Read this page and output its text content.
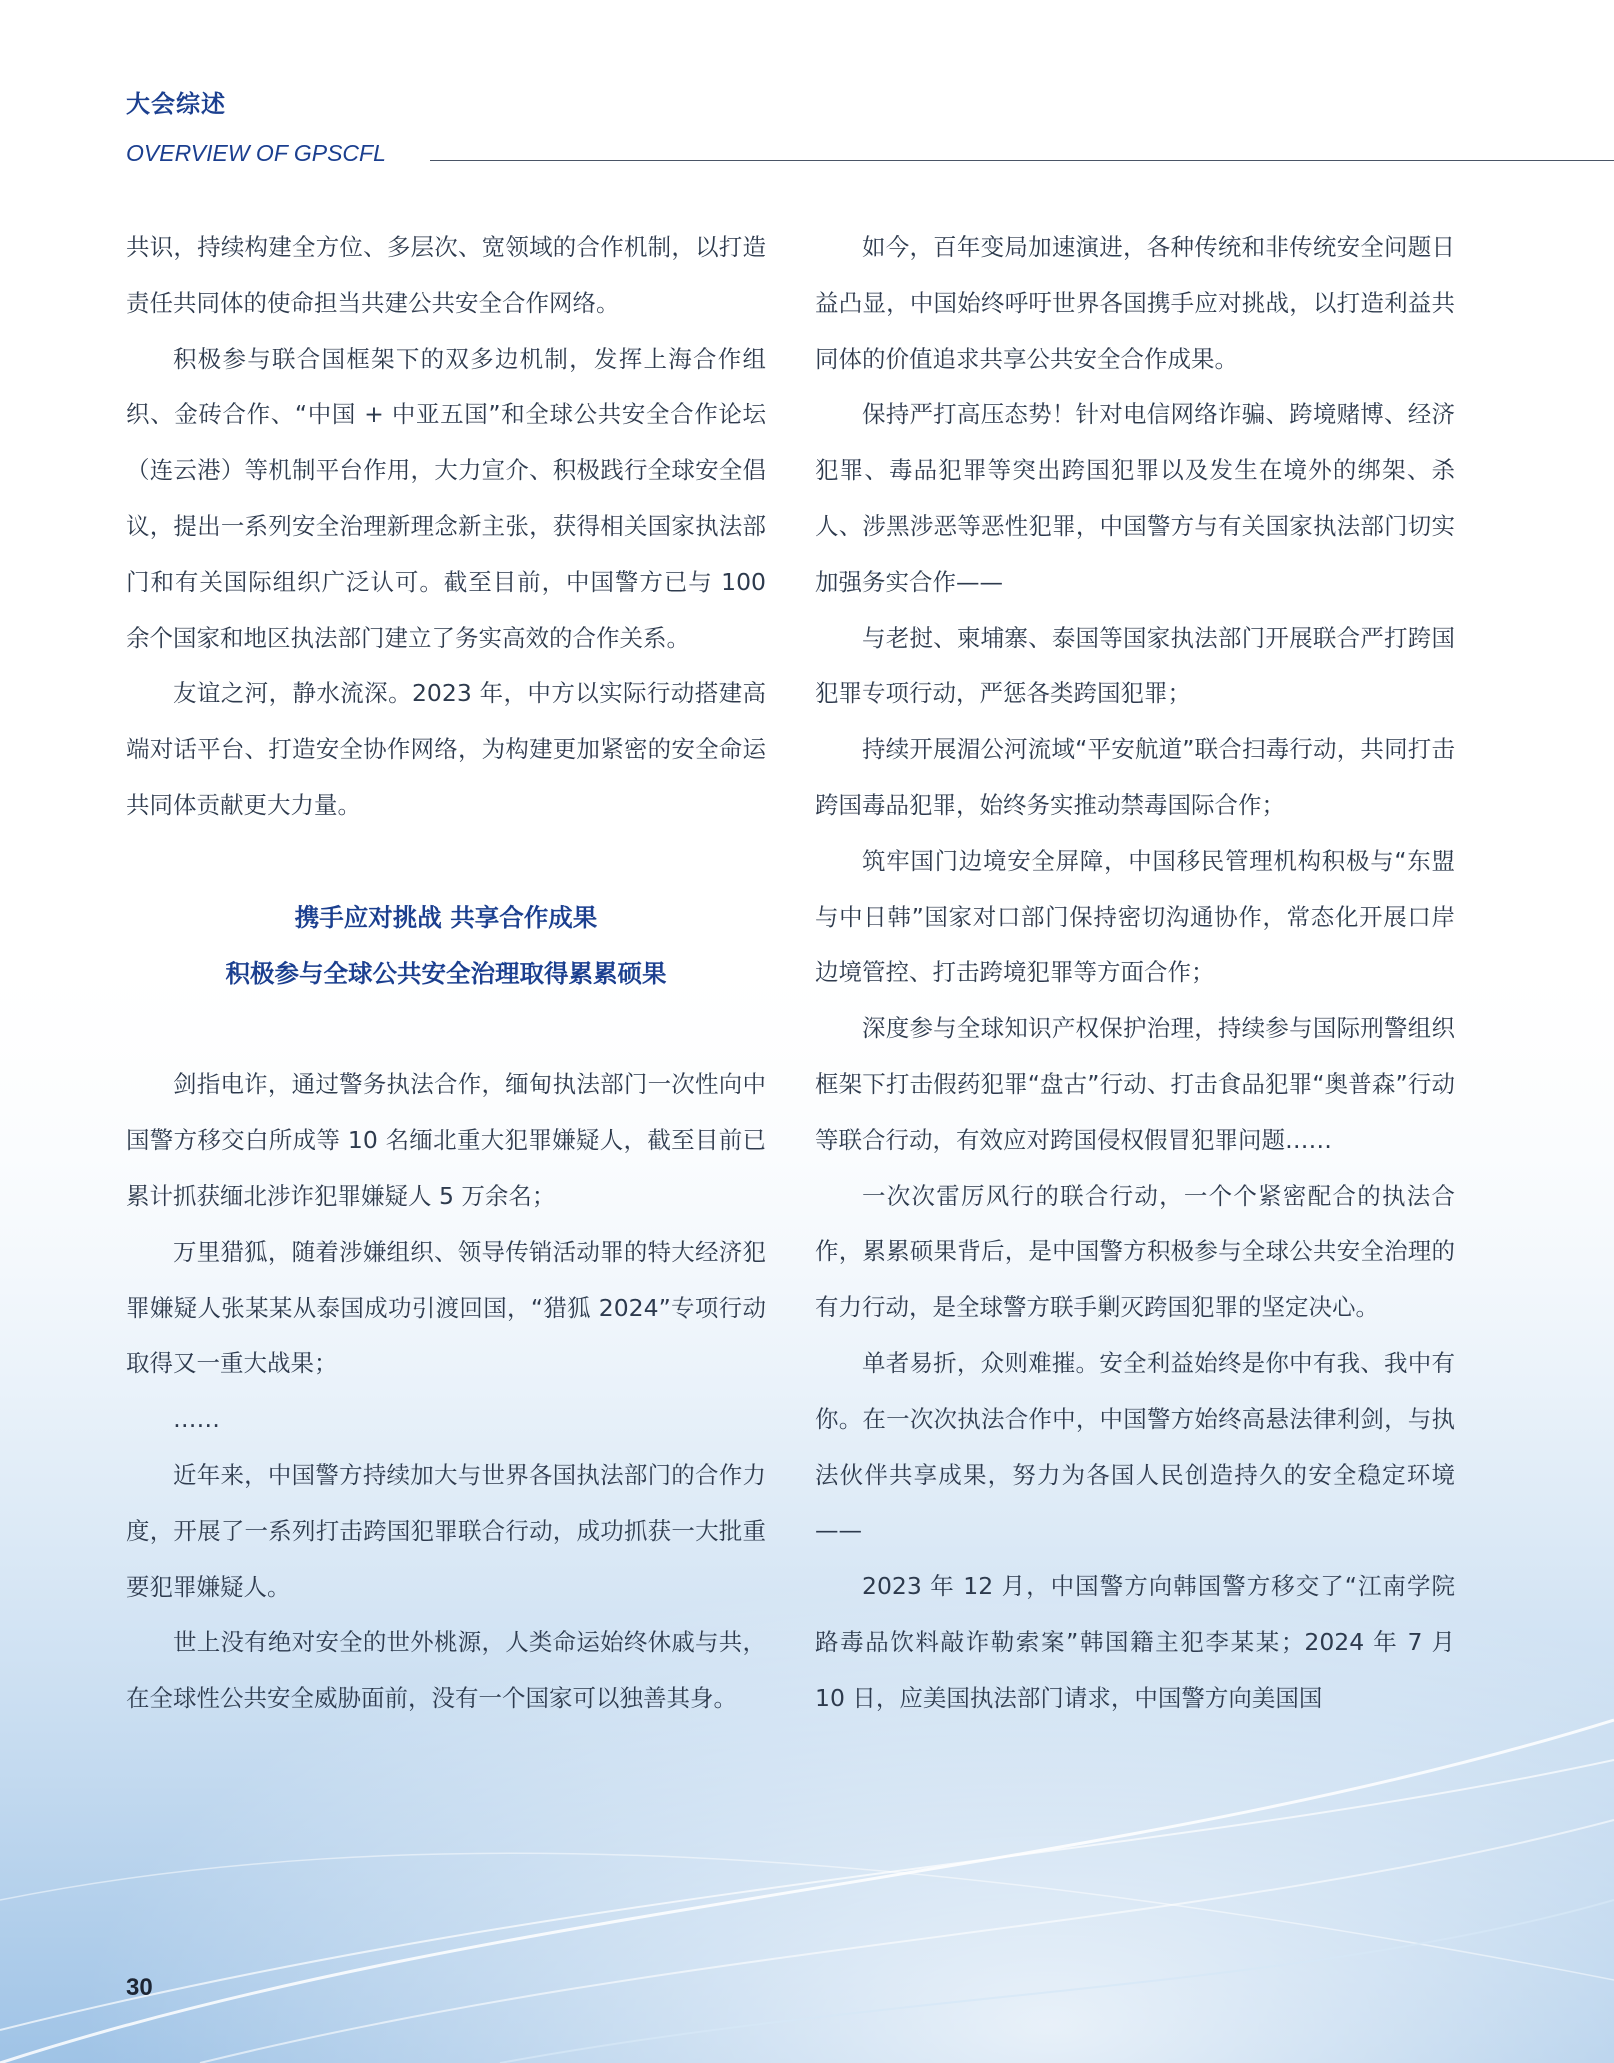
大会综述
OVERVIEW OF GPSCFL

共识，持续构建全方位、多层次、宽领域的合作机制，以打造责任共同体的使命担当共建公共安全合作网络。

积极参与联合国框架下的双多边机制，发挥上海合作组织、金砖合作、“中国 + 中亚五国”和全球公共安全合作论坛（连云港）等机制平台作用，大力宣介、积极践行全球安全倡议，提出一系列安全治理新理念新主张，获得相关国家执法部门和有关国际组织广泛认可。截至目前，中国警方已与 100 余个国家和地区执法部门建立了务实高效的合作关系。

友谊之河，静水流深。2023 年，中方以实际行动搭建高端对话平台、打造安全协作网络，为构建更加紧密的安全命运共同体贡献更大力量。

携手应对挑战 共享合作成果

积极参与全球公共安全治理取得累累硕果

剑指电诈，通过警务执法合作，缅甸执法部门一次性向中国警方移交白所成等 10 名缅北重大犯罪嫌疑人，截至目前已累计抓获缅北涉诈犯罪嫌疑人 5 万余名；

万里猎狐，随着涉嫌组织、领导传销活动罪的特大经济犯罪嫌疑人张某某从泰国成功引渡回国，“猎狐 2024”专项行动取得又一重大战果；

……

近年来，中国警方持续加大与世界各国执法部门的合作力度，开展了一系列打击跨国犯罪联合行动，成功抓获一大批重要犯罪嫌疑人。

世上没有绝对安全的世外桃源，人类命运始终休戚与共，在全球性公共安全威胁面前，没有一个国家可以独善其身。

如今，百年变局加速演进，各种传统和非传统安全问题日益凸显，中国始终呼吁世界各国携手应对挑战，以打造利益共同体的价值追求共享公共安全合作成果。

保持严打高压态势！针对电信网络诈骗、跨境赌博、经济犯罪、毒品犯罪等突出跨国犯罪以及发生在境外的绑架、杀人、涉黑涉恶等恶性犯罪，中国警方与有关国家执法部门切实加强务实合作——

与老挝、柬埔寨、泰国等国家执法部门开展联合严打跨国犯罪专项行动，严惩各类跨国犯罪；

持续开展湄公河流域“平安航道”联合扫毒行动，共同打击跨国毒品犯罪，始终务实推动禁毒国际合作；

筑牢国门边境安全屏障，中国移民管理机构积极与“东盟与中日韩”国家对口部门保持密切沟通协作，常态化开展口岸边境管控、打击跨境犯罪等方面合作；

深度参与全球知识产权保护治理，持续参与国际刑警组织框架下打击假药犯罪“盘古”行动、打击食品犯罪“奥普森”行动等联合行动，有效应对跨国侵权假冒犯罪问题……

一次次雷厉风行的联合行动，一个个紧密配合的执法合作，累累硕果背后，是中国警方积极参与全球公共安全治理的有力行动，是全球警方联手剿灭跨国犯罪的坚定决心。

单者易折，众则难摧。安全利益始终是你中有我、我中有你。在一次次执法合作中，中国警方始终高悬法律利剑，与执法伙伴共享成果，努力为各国人民创造持久的安全稳定环境——

2023 年 12 月，中国警方向韩国警方移交了“江南学院路毒品饮料敲诈勒索案”韩国籍主犯李某某；2024 年 7 月 10 日，应美国执法部门请求，中国警方向美国国

30
